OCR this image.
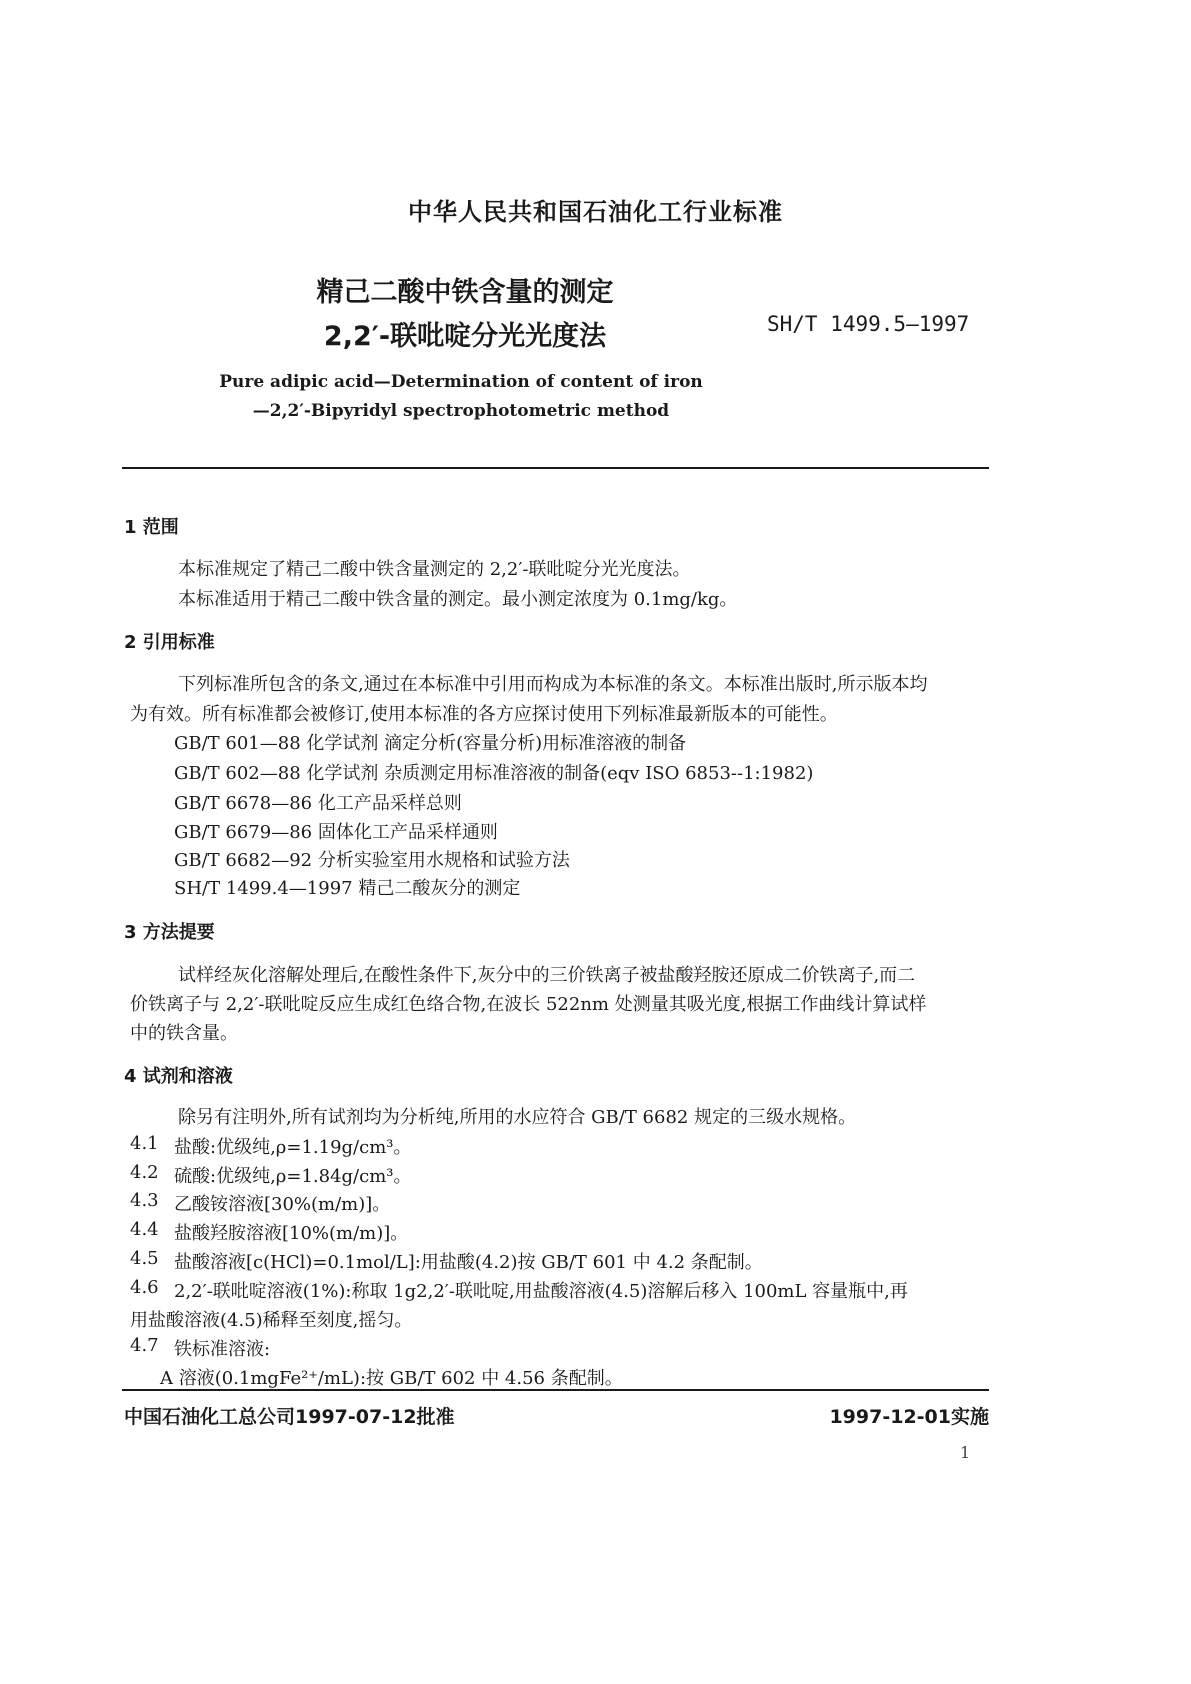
中华人民共和国石油化工行业标准
精己二酸中铁含量的测定
2,2′-联吡啶分光光度法	SH/T 1499.5—1997
Pure adipic acid—Determination of content of iron
—2,2′-Bipyridyl spectrophotometric method
1 范围
本标准规定了精己二酸中铁含量测定的 2,2′-联吡啶分光光度法。
本标准适用于精己二酸中铁含量的测定。最小测定浓度为 0.1mg/kg。
2 引用标准
下列标准所包含的条文,通过在本标准中引用而构成为本标准的条文。本标准出版时,所示版本均
为有效。所有标准都会被修订,使用本标准的各方应探讨使用下列标准最新版本的可能性。
GB/T 601—88 化学试剂 滴定分析(容量分析)用标准溶液的制备
GB/T 602—88 化学试剂 杂质测定用标准溶液的制备(eqv ISO 6853--1:1982)
GB/T 6678—86 化工产品采样总则
GB/T 6679—86 固体化工产品采样通则
GB/T 6682—92 分析实验室用水规格和试验方法
SH/T 1499.4—1997 精己二酸灰分的测定
3 方法提要
试样经灰化溶解处理后,在酸性条件下,灰分中的三价铁离子被盐酸羟胺还原成二价铁离子,而二
价铁离子与 2,2′-联吡啶反应生成红色络合物,在波长 522nm 处测量其吸光度,根据工作曲线计算试样
中的铁含量。
4 试剂和溶液
除另有注明外,所有试剂均为分析纯,所用的水应符合 GB/T 6682 规定的三级水规格。
4.1 盐酸:优级纯,ρ=1.19g/cm³。
4.2 硫酸:优级纯,ρ=1.84g/cm³。
4.3 乙酸铵溶液[30%(m/m)]。
4.4 盐酸羟胺溶液[10%(m/m)]。
4.5 盐酸溶液[c(HCl)=0.1mol/L]:用盐酸(4.2)按 GB/T 601 中 4.2 条配制。
4.6 2,2′-联吡啶溶液(1%):称取 1g2,2′-联吡啶,用盐酸溶液(4.5)溶解后移入 100mL 容量瓶中,再
用盐酸溶液(4.5)稀释至刻度,摇匀。
4.7 铁标准溶液:
A 溶液(0.1mgFe²⁺/mL):按 GB/T 602 中 4.56 条配制。
中国石油化工总公司1997-07-12批准	1997-12-01实施
1
